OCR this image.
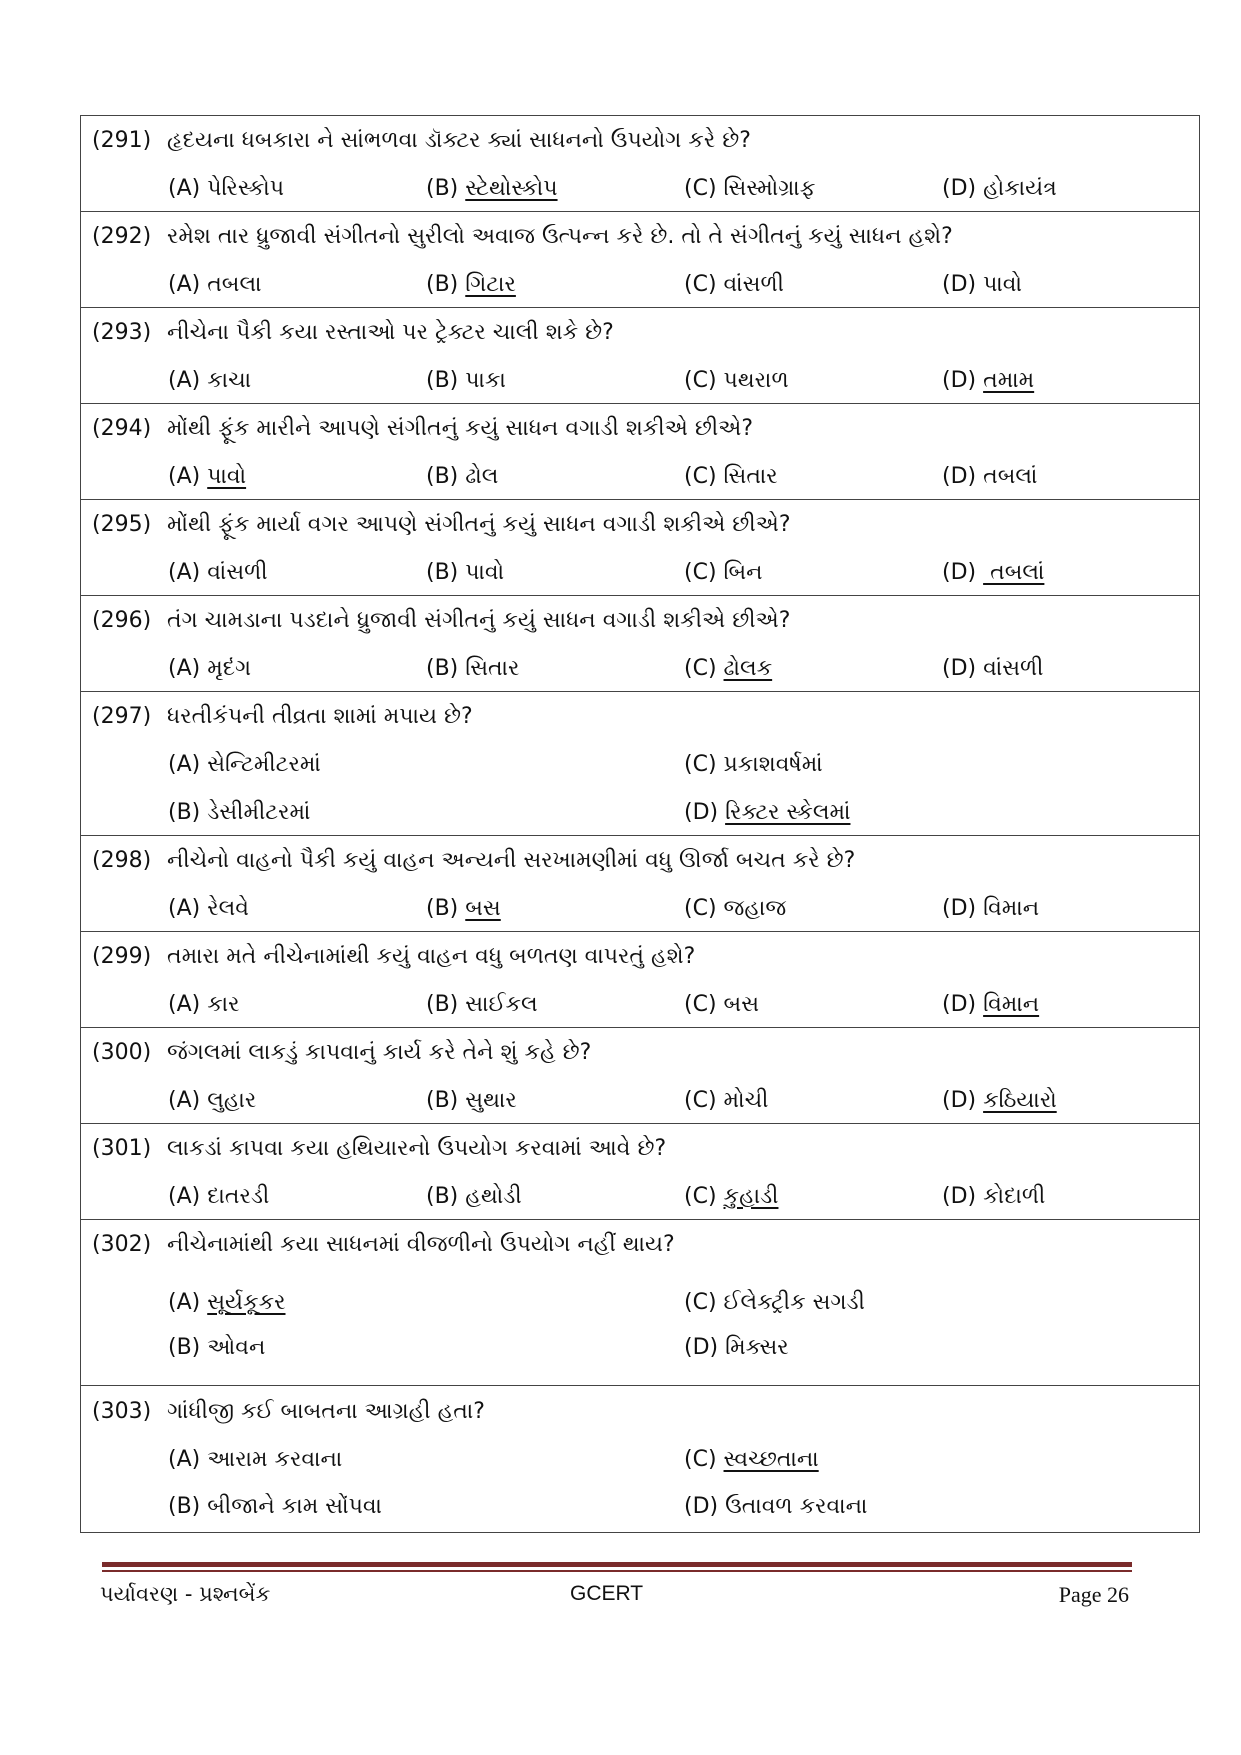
(291) હૃદયના ધબકારા ને સાંભળવા ડૉક્ટર ક્યાં સાધનનો ઉપયોગ કરે છે?
(A) પેરિસ્કોપ	(B) સ્ટેથોસ્કોપ	(C) સિસ્મોગ્રાફ	(D) હોકાયંત્ર
(292) રમેશ તાર ધ્રુજાવી સંગીતનો સુરીલો અવાજ ઉત્પન્ન કરે છે. તો તે સંગીતનું કયું સાધન હશે?
(A) તબલા	(B) ગિટાર	(C) વાંસળી	(D) પાવો
(293) નીચેના પૈકી કયા રસ્તાઓ પર ટ્રેક્ટર ચાલી શકે છે?
(A) કાચા	(B) પાકા	(C) પથરાળ	(D) તમામ
(294) મોંથી ફૂંક મારીને આપણે સંગીતનું કયું સાધન વગાડી શકીએ છીએ?
(A) પાવો	(B) ઢોલ	(C) સિતાર	(D) તબલાં
(295) મોંથી ફૂંક માર્યા વગર આપણે સંગીતનું કયું સાધન વગાડી શકીએ છીએ?
(A) વાંસળી	(B) પાવો	(C) બિન	(D)  તબલાં
(296) તંગ ચામડાના પડદાને ધ્રુજાવી સંગીતનું કયું સાધન વગાડી શકીએ છીએ?
(A) મૃદંગ	(B) સિતાર	(C) ઢોલક	(D) વાંસળી
(297) ધરતીકંપની તીવ્રતા શામાં મપાય છે?
(A) સેન્ટિમીટરમાં	(C) પ્રકાશવર્ષમાં
(B) ડેસીમીટરમાં	(D) રિક્ટર સ્કેલમાં
(298) નીચેનો વાહનો પૈકી કયું વાહન અન્યની સરખામણીમાં વધુ ઊર્જા બચત કરે છે?
(A) રેલવે	(B) બસ	(C) જહાજ	(D) વિમાન
(299) તમારા મતે નીચેનામાંથી કયું વાહન વધુ બળતણ વાપરતું હશે?
(A) કાર	(B) સાઈકલ	(C) બસ	(D) વિમાન
(300) જંગલમાં લાકડું કાપવાનું કાર્ય કરે તેને શું કહે છે?
(A) લુહાર	(B) સુથાર	(C) મોચી	(D) કઠિયારો
(301) લાકડાં કાપવા કયા હથિયારનો ઉપયોગ કરવામાં આવે છે?
(A) દાતરડી	(B) હથોડી	(C) કુહાડી	(D) કોદાળી
(302) નીચેનામાંથી કયા સાધનમાં વીજળીનો ઉપયોગ નહીં થાય?
(A) સૂર્યકૂકર	(C) ઈલેક્ટ્રીક સગડી
(B) ઓવન	(D) મિક્સર
(303) ગાંધીજી કઈ બાબતના આગ્રહી હતા?
(A) આરામ કરવાના	(C) સ્વચ્છતાના
(B) બીજાને કામ સોંપવા	(D) ઉતાવળ કરવાના
પર્યાવરણ - પ્રશ્નબેંક	GCERT	Page 26
